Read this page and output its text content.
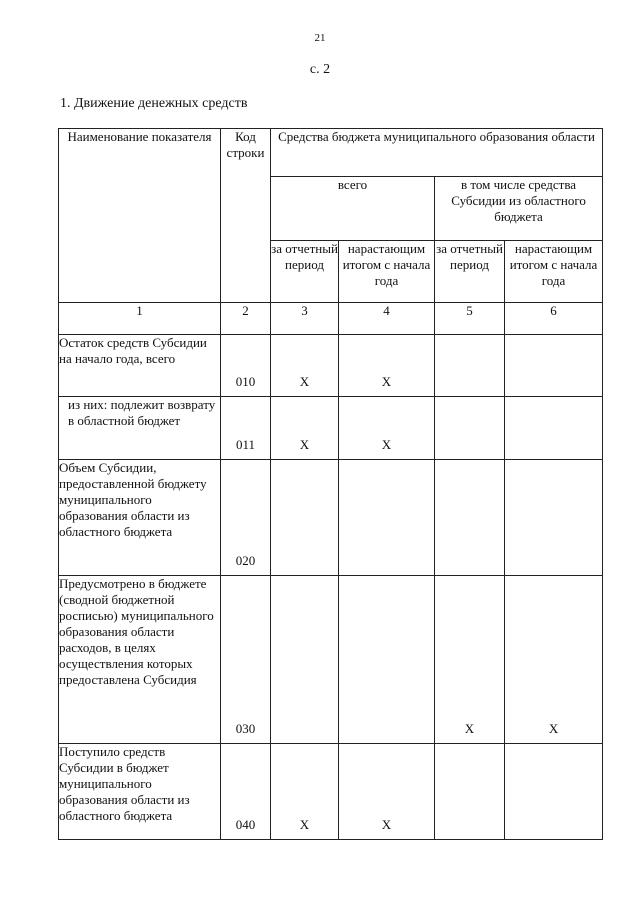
21
с. 2
1. Движение денежных средств
Наименование показателя	Код строки	Средства бюджета муниципального образования области			
		всего		в том числе средства Субсидии из областного бюджета	
		за отчетный период	нарастающим итогом с начала года	за отчетный период	нарастающим итогом с начала года
1	2	3	4	5	6
Остаток средств Субсидии на начало года, всего	010	X	X		
из них: подлежит возврату в областной бюджет	011	X	X		
Объем Субсидии, предоставленной бюджету муниципального образования области из областного бюджета	020				
Предусмотрено в бюджете (сводной бюджетной росписью) муниципального образования области расходов, в целях осуществления которых предоставлена Субсидия	030			X	X
Поступило средств Субсидии в бюджет муниципального образования области из областного бюджета	040	X	X		
